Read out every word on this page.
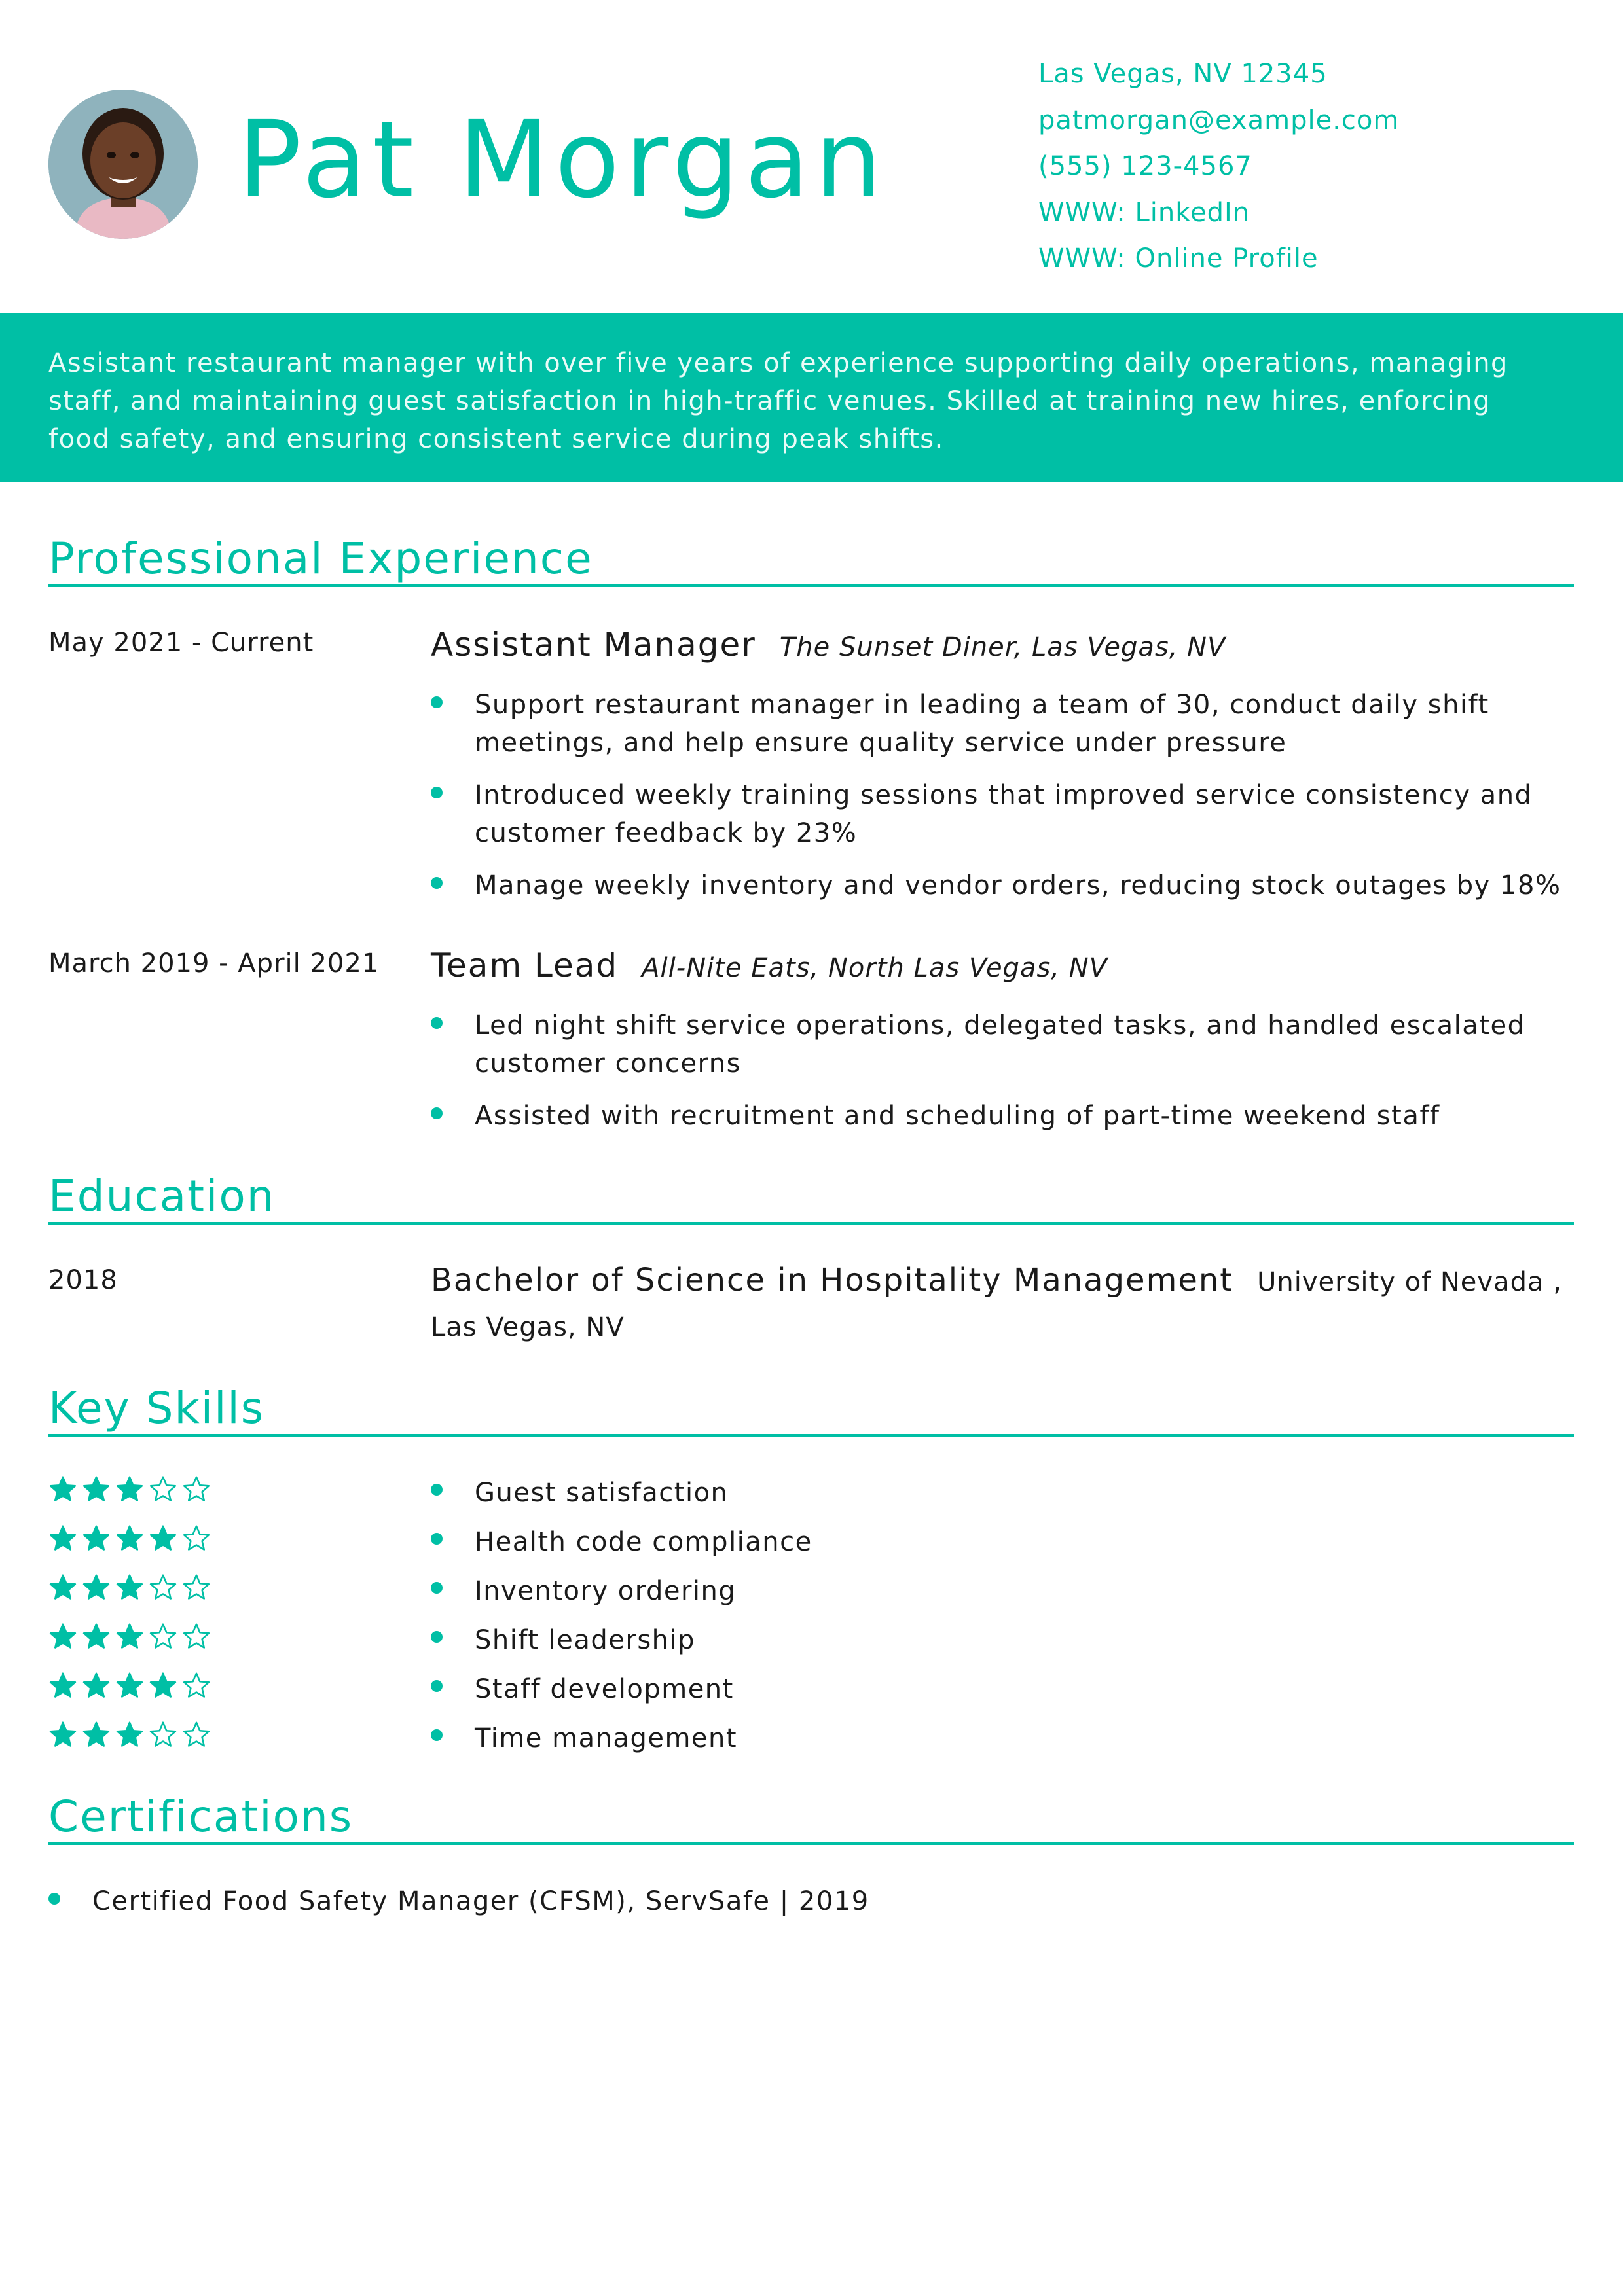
Pat Morgan
Las Vegas, NV 12345
patmorgan@example.com
(555) 123-4567
WWW: LinkedIn
WWW: Online Profile

Assistant restaurant manager with over five years of experience supporting daily operations, managing staff, and maintaining guest satisfaction in high-traffic venues. Skilled at training new hires, enforcing food safety, and ensuring consistent service during peak shifts.

Professional Experience
May 2021 - Current	Assistant Manager The Sunset Diner, Las Vegas, NV
Support restaurant manager in leading a team of 30, conduct daily shift meetings, and help ensure quality service under pressure
Introduced weekly training sessions that improved service consistency and customer feedback by 23%
Manage weekly inventory and vendor orders, reducing stock outages by 18%
March 2019 - April 2021 Team Lead All-Nite Eats, North Las Vegas, NV
Led night shift service operations, delegated tasks, and handled escalated customer concerns
Assisted with recruitment and scheduling of part-time weekend staff
Education
2018	Bachelor of Science in Hospitality Management University of Nevada ,
Las Vegas, NV
Key Skills
Guest satisfaction
Health code compliance
Inventory ordering
Shift leadership
Staff development
Time management
Certifications
Certified Food Safety Manager (CFSM), ServSafe | 2019
